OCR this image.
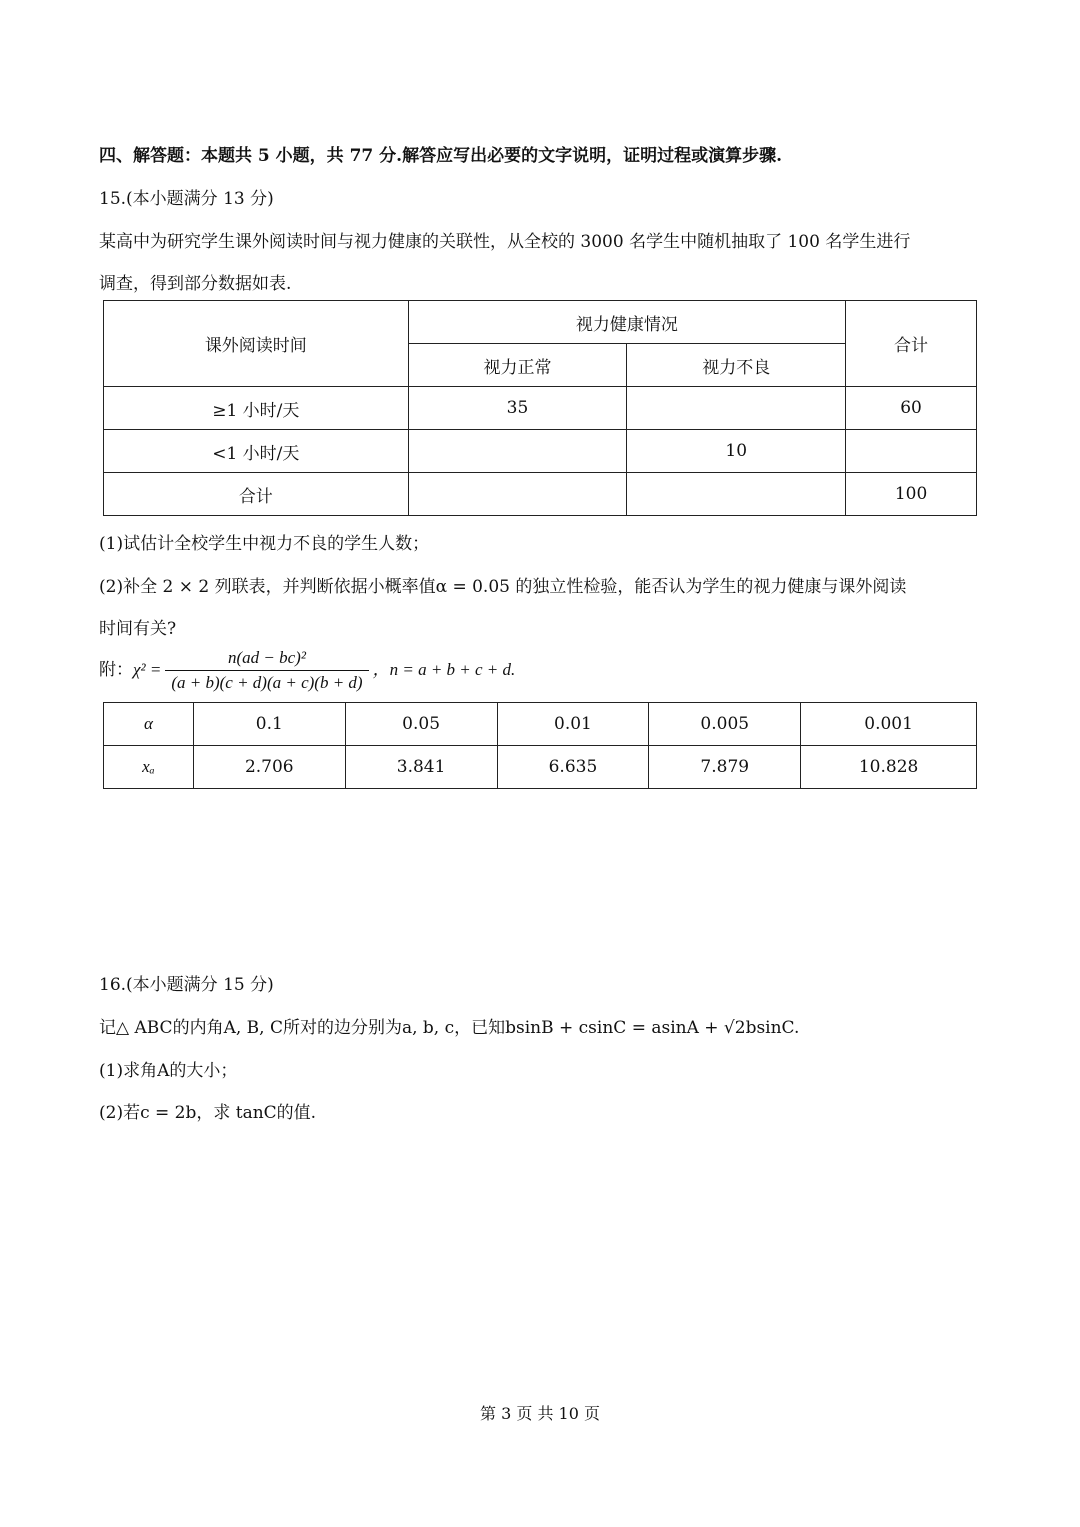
四、解答题：本题共 5 小题，共 77 分.解答应写出必要的文字说明，证明过程或演算步骤.
15.(本小题满分 13 分)
某高中为研究学生课外阅读时间与视力健康的关联性，从全校的 3000 名学生中随机抽取了 100 名学生进行
调查，得到部分数据如表.
课外阅读时间	视力健康情况		合计
	视力正常	视力不良	
≥1 小时/天	35		60
<1 小时/天		10	
合计			100
(1)试估计全校学生中视力不良的学生人数；
(2)补全 2 × 2 列联表，并判断依据小概率值α = 0.05 的独立性检验，能否认为学生的视力健康与课外阅读
时间有关?
附：$\chi^2 = \frac{\text{n(ad − bc)²}}{(a + b)(c + d)(a + c)(b + d)}$ ，n = a + b + c + d.
α	0.1	0.05	0.01	0.005	0.001
xₐ	2.706	3.841	6.635	7.879	10.828
16.(本小题满分 15 分)
记△ ABC的内角A, B, C所对的边分别为a, b, c，已知bsinB + csinC = asinA + √2bsinC.
(1)求角A的大小；
(2)若c = 2b，求 tanC的值.
第 3 页 共 10 页
